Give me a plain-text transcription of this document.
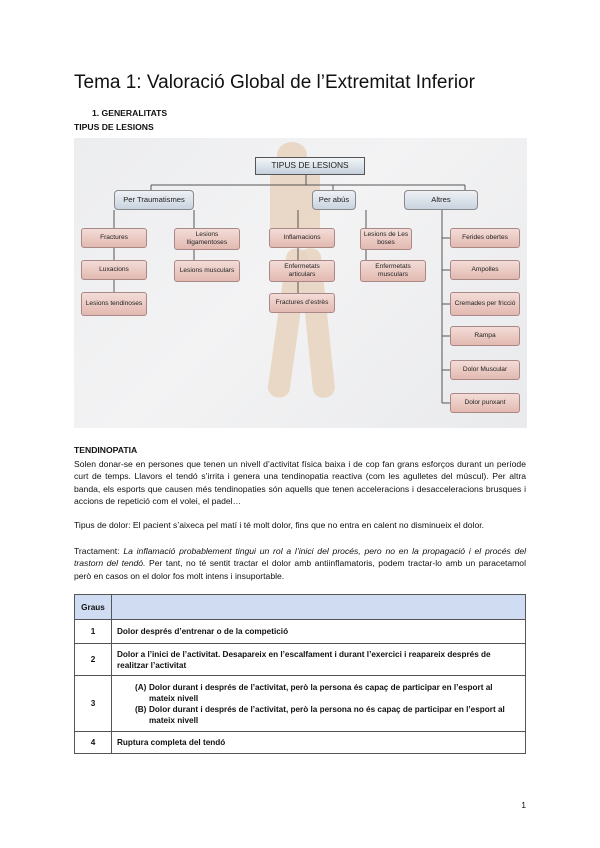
Tema 1: Valoració Global de l’Extremitat Inferior
1. GENERALITATS
TIPUS DE LESIONS
TIPUS DE LESIONS
Per Traumatismes	Per abús	Altres
Fractures	Lesions lligamentoses
Luxacions	Lesions musculars
Lesions tendinoses
Inflamacions	Lesions de Les boses
Enfermetats articulars
Enfermetats musculars
Fractures d’estrès
Ferides obertes
Ampolles
Cremades per fricció
Rampa
Dolor Muscular
Dolor punxant
TENDINOPATIA

Solen donar-se en persones que tenen un nivell d’activitat física baixa i de cop fan grans esforços durant un període curt de temps. Llavors el tendó s’irrita i genera una tendinopatia reactiva (com les agulletes del múscul). Per altra banda, els esports que causen més tendinopaties són aquells que tenen acceleracions i desacceleracions brusques i accions de repetició com el volei, el padel…

Tipus de dolor: El pacient s’aixeca pel matí i té molt dolor, fins que no entra en calent no disminueix el dolor.

Tractament: La inflamació probablement tingui un rol a l’inici del procés, pero no en la propagació i el procés del trastorn del tendó. Per tant, no té sentit tractar el dolor amb antiinflamatoris, podem tractar-lo amb un paracetamol però en casos on el dolor fos molt intens i insuportable.

Graus	
1	Dolor després d’entrenar o de la competició
2	Dolor a l’inici de l’activitat. Desapareix en l’escalfament i durant l’exercici i reapareix després de realitzar l’activitat
3	(A) Dolor durant i després de l’activitat, però la persona és capaç de participar en l’esport al mateix nivell
(B) Dolor durant i després de l’activitat, però la persona no és capaç de participar en l’esport al mateix nivell

4	Ruptura completa del tendó
1
